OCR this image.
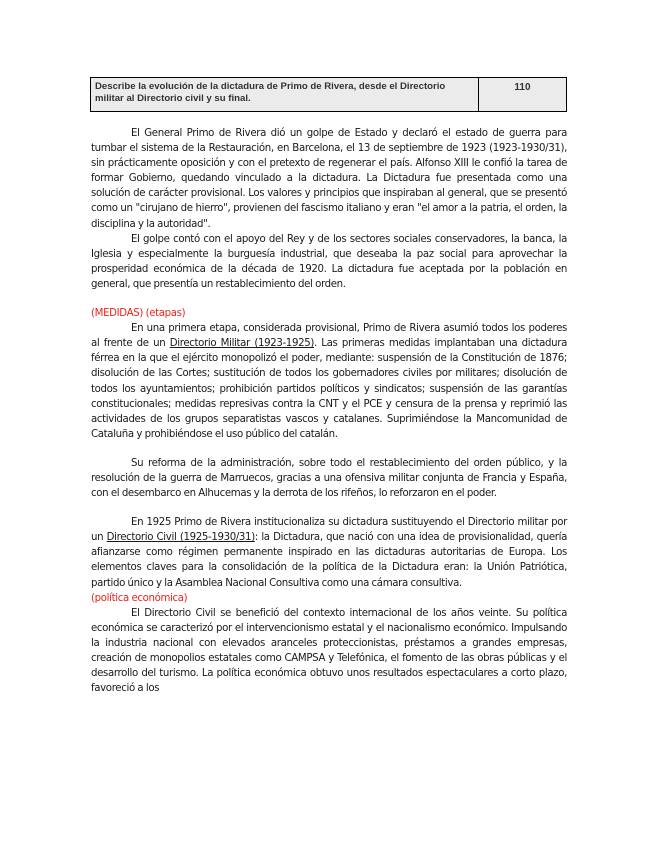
Describe la evolución de la dictadura de Primo de Rivera, desde el Directorio militar al Directorio civil y su final.
110

El General Primo de Rivera dió un golpe de Estado y declaró el estado de guerra para tumbar el sistema de la Restauración, en Barcelona, el 13 de septiembre de 1923 (1923-1930/31), sin prácticamente oposición y con el pretexto de regenerar el país. Alfonso XIII le confió la tarea de formar Gobierno, quedando vinculado a la dictadura. La Dictadura fue presentada como una solución de carácter provisional. Los valores y principios que inspiraban al general, que se presentó como un "cirujano de hierro", provienen del fascismo italiano y eran "el amor a la patria, el orden, la disciplina y la autoridad".

El golpe contó con el apoyo del Rey y de los sectores sociales conservadores, la banca, la Iglesia y especialmente la burguesía industrial, que deseaba la paz social para aprovechar la prosperidad económica de la década de 1920. La dictadura fue aceptada por la población en general, que presentía un restablecimiento del orden.

(MEDIDAS) (etapas)

En una primera etapa, considerada provisional, Primo de Rivera asumió todos los poderes al frente de un Directorio Militar (1923-1925). Las primeras medidas implantaban una dictadura férrea en la que el ejército monopolizó el poder, mediante: suspensión de la Constitución de 1876; disolución de las Cortes; sustitución de todos los gobernadores civiles por militares; disolución de todos los ayuntamientos; prohibición partidos políticos y sindicatos; suspensión de las garantías constitucionales; medidas represivas contra la CNT y el PCE y censura de la prensa y reprimió las actividades de los grupos separatistas vascos y catalanes. Suprimiéndose la Mancomunidad de Cataluña y prohibiéndose el uso público del catalán.

Su reforma de la administración, sobre todo el restablecimiento del orden público, y la resolución de la guerra de Marruecos, gracias a una ofensiva militar conjunta de Francia y España, con el desembarco en Alhucemas y la derrota de los rifeños, lo reforzaron en el poder.

En 1925 Primo de Rivera institucionaliza su dictadura sustituyendo el Directorio militar por un Directorio Civil (1925-1930/31): la Dictadura, que nació con una idea de provisionalidad, quería afianzarse como régimen permanente inspirado en las dictaduras autoritarias de Europa. Los elementos claves para la consolidación de la política de la Dictadura eran: la Unión Patriótica, partido único y la Asamblea Nacional Consultiva como una cámara consultiva.

(política económica)

El Directorio Civil se benefició del contexto internacional de los años veinte. Su política económica se caracterizó por el intervencionismo estatal y el nacionalismo económico. Impulsando la industria nacional con elevados aranceles proteccionistas, préstamos a grandes empresas, creación de monopolios estatales como CAMPSA y Telefónica, el fomento de las obras públicas y el desarrollo del turismo. La política económica obtuvo unos resultados espectaculares a corto plazo, favoreció a los
